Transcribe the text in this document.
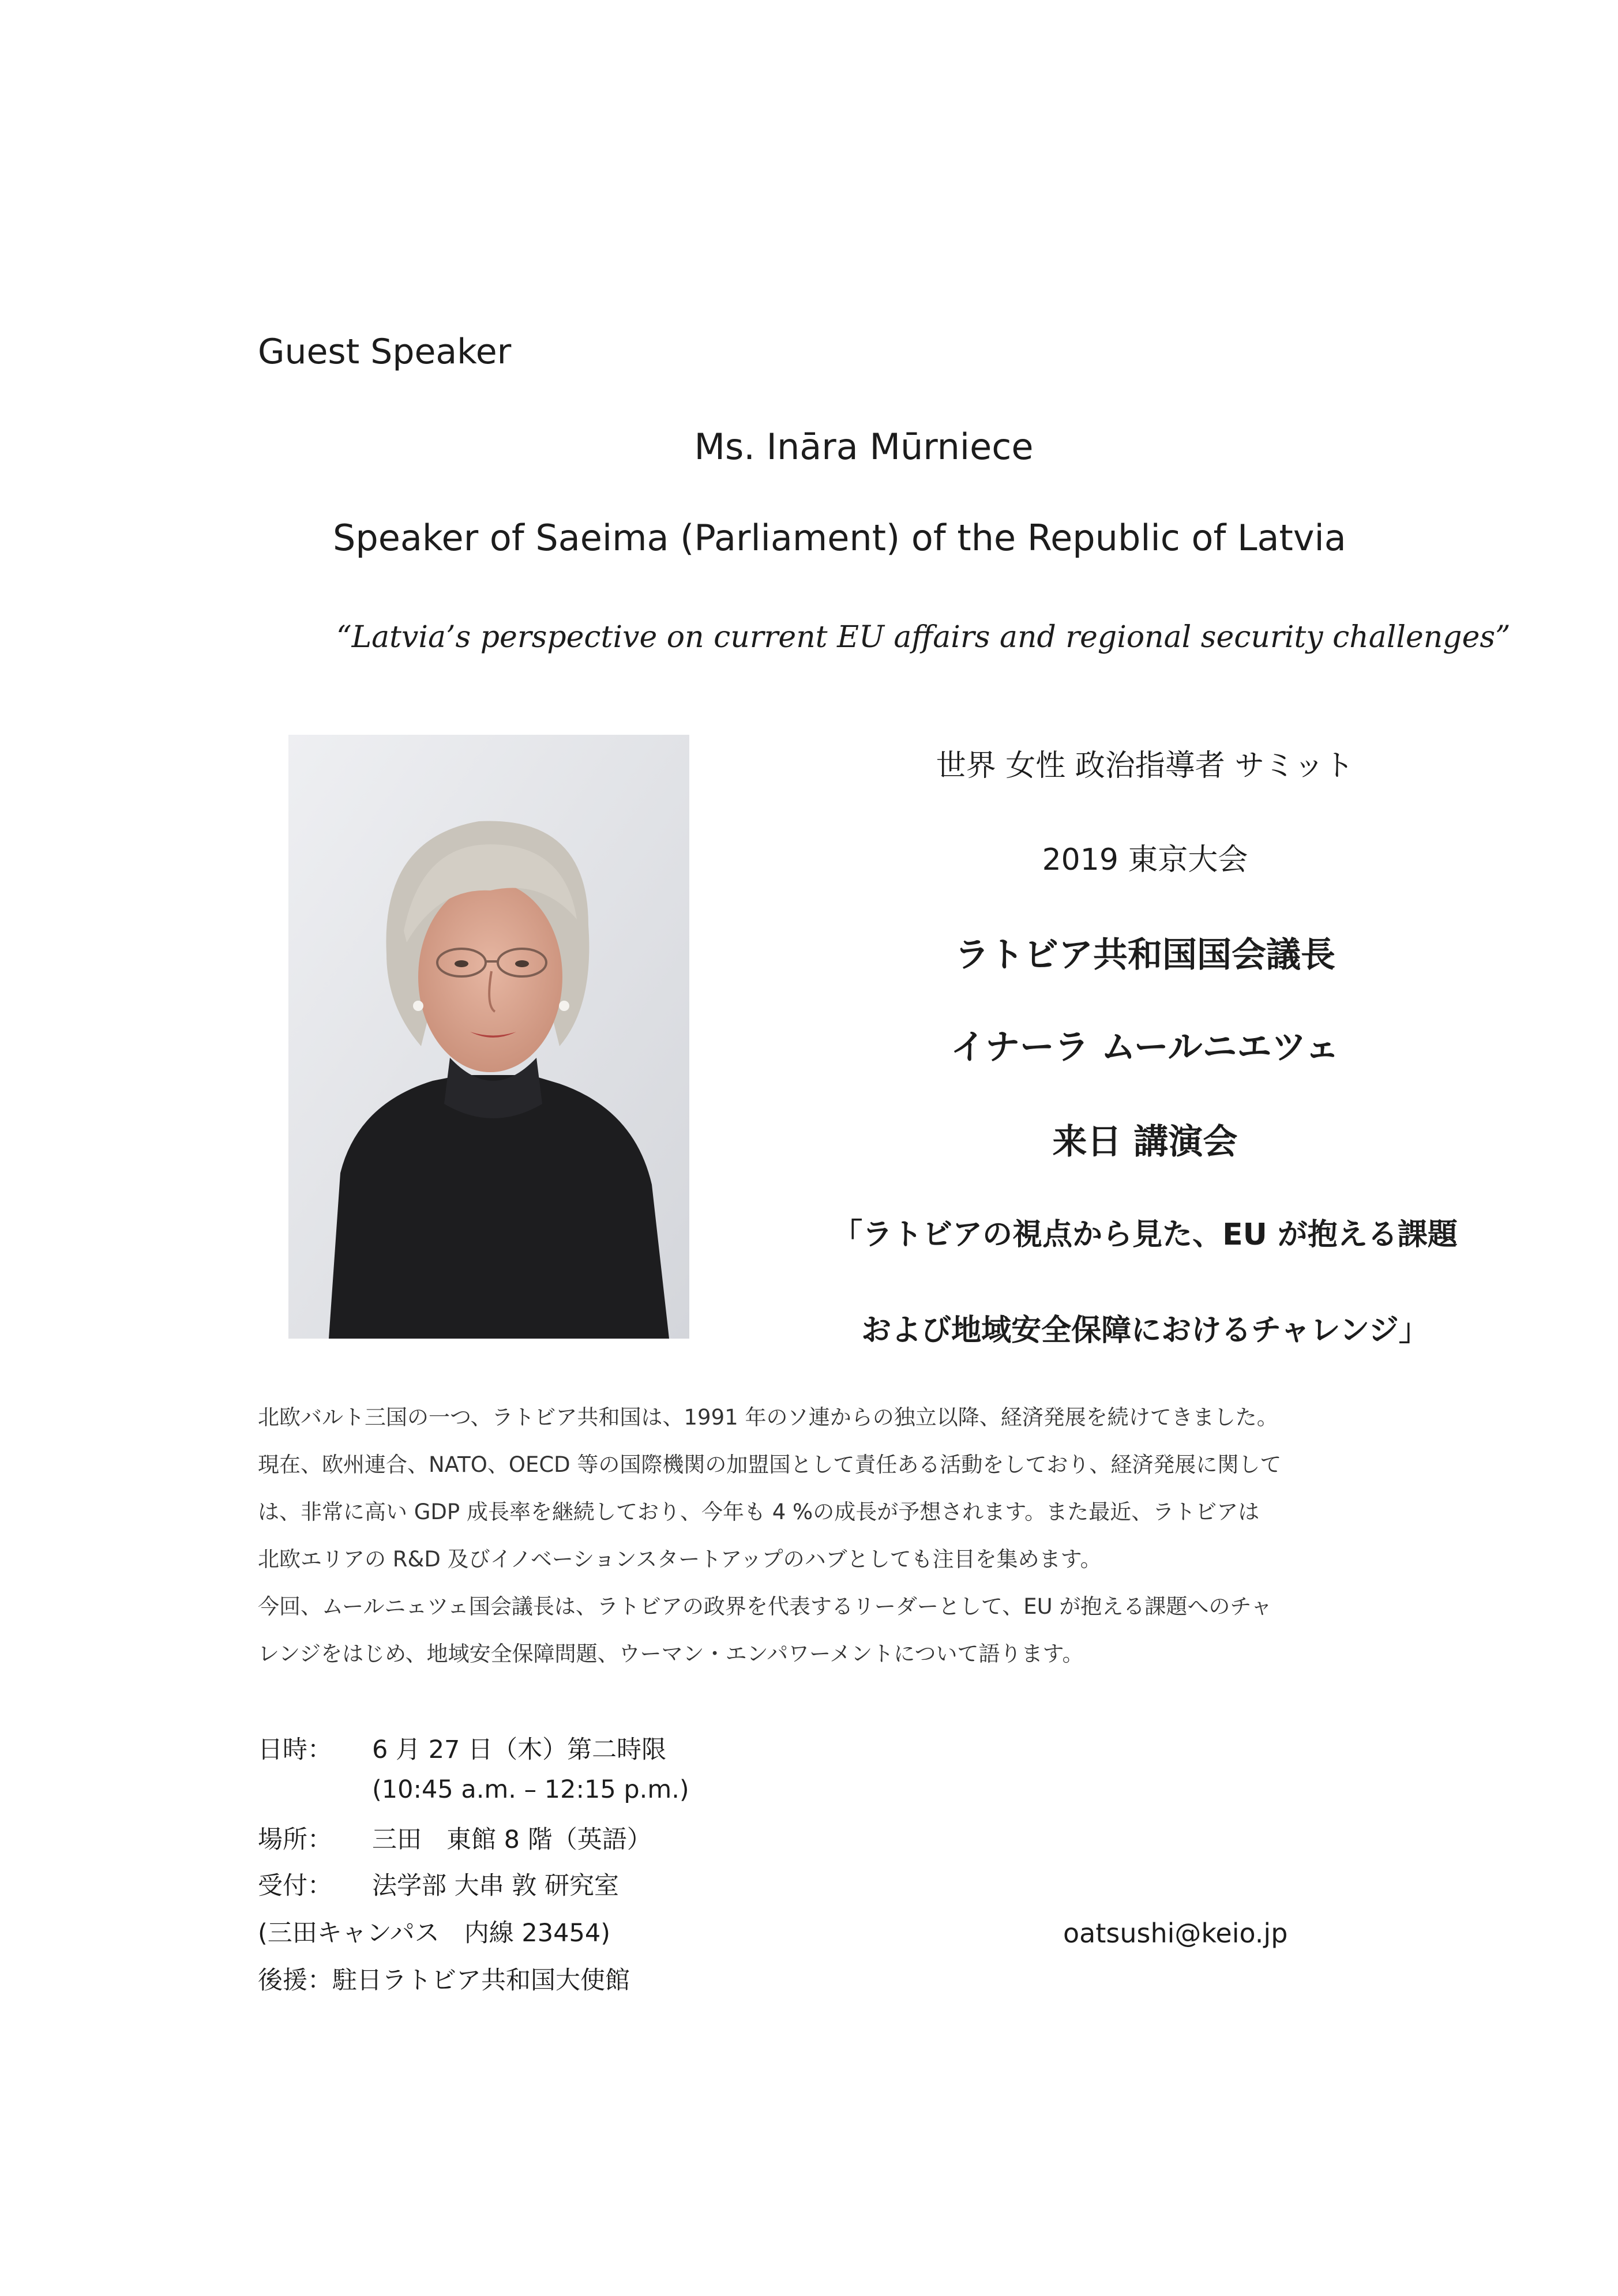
Guest Speaker
Ms. Ināra Mūrniece
Speaker of Saeima (Parliament) of the Republic of Latvia
“Latvia’s perspective on current EU affairs and regional security challenges”
世界 女性 政治指導者 サミット
2019 東京大会
ラトビア共和国国会議長
イナーラ ムールニエツェ
来日 講演会
「ラトビアの視点から見た、EU が抱える課題
および地域安全保障におけるチャレンジ」
北欧バルト三国の一つ、ラトビア共和国は、1991 年のソ連からの独立以降、経済発展を続けてきました。
現在、欧州連合、NATO、OECD 等の国際機関の加盟国として責任ある活動をしており、経済発展に関して
は、非常に高い GDP 成長率を継続しており、今年も 4 %の成長が予想されます。また最近、ラトビアは
北欧エリアの R&D 及びイノベーションスタートアップのハブとしても注目を集めます。
今回、ムールニェツェ国会議長は、ラトビアの政界を代表するリーダーとして、EU が抱える課題へのチャ
レンジをはじめ、地域安全保障問題、ウーマン・エンパワーメントについて語ります。
日時： 6 月 27 日（木）第二時限
(10:45 a.m. – 12:15 p.m.)
場所： 三田　東館 8 階（英語）
受付： 法学部 大串 敦 研究室
(三田キャンパス　内線 23454)	oatsushi@keio.jp
後援：駐日ラトビア共和国大使館
